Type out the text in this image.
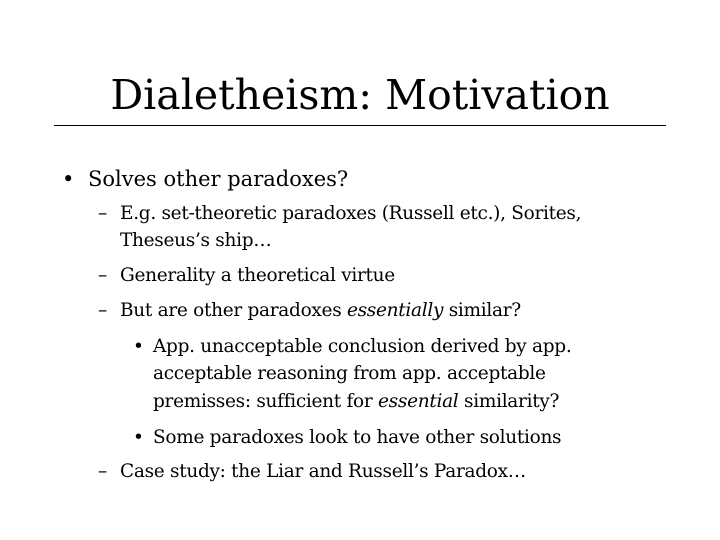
Dialetheism: Motivation
• Solves other paradoxes?
– E.g. set-theoretic paradoxes (Russell etc.), Sorites,
Theseus’s ship…
– Generality a theoretical virtue
– But are other paradoxes essentially similar?
• App. unacceptable conclusion derived by app.
acceptable reasoning from app. acceptable
premisses: sufficient for essential similarity?
• Some paradoxes look to have other solutions
– Case study: the Liar and Russell’s Paradox…
